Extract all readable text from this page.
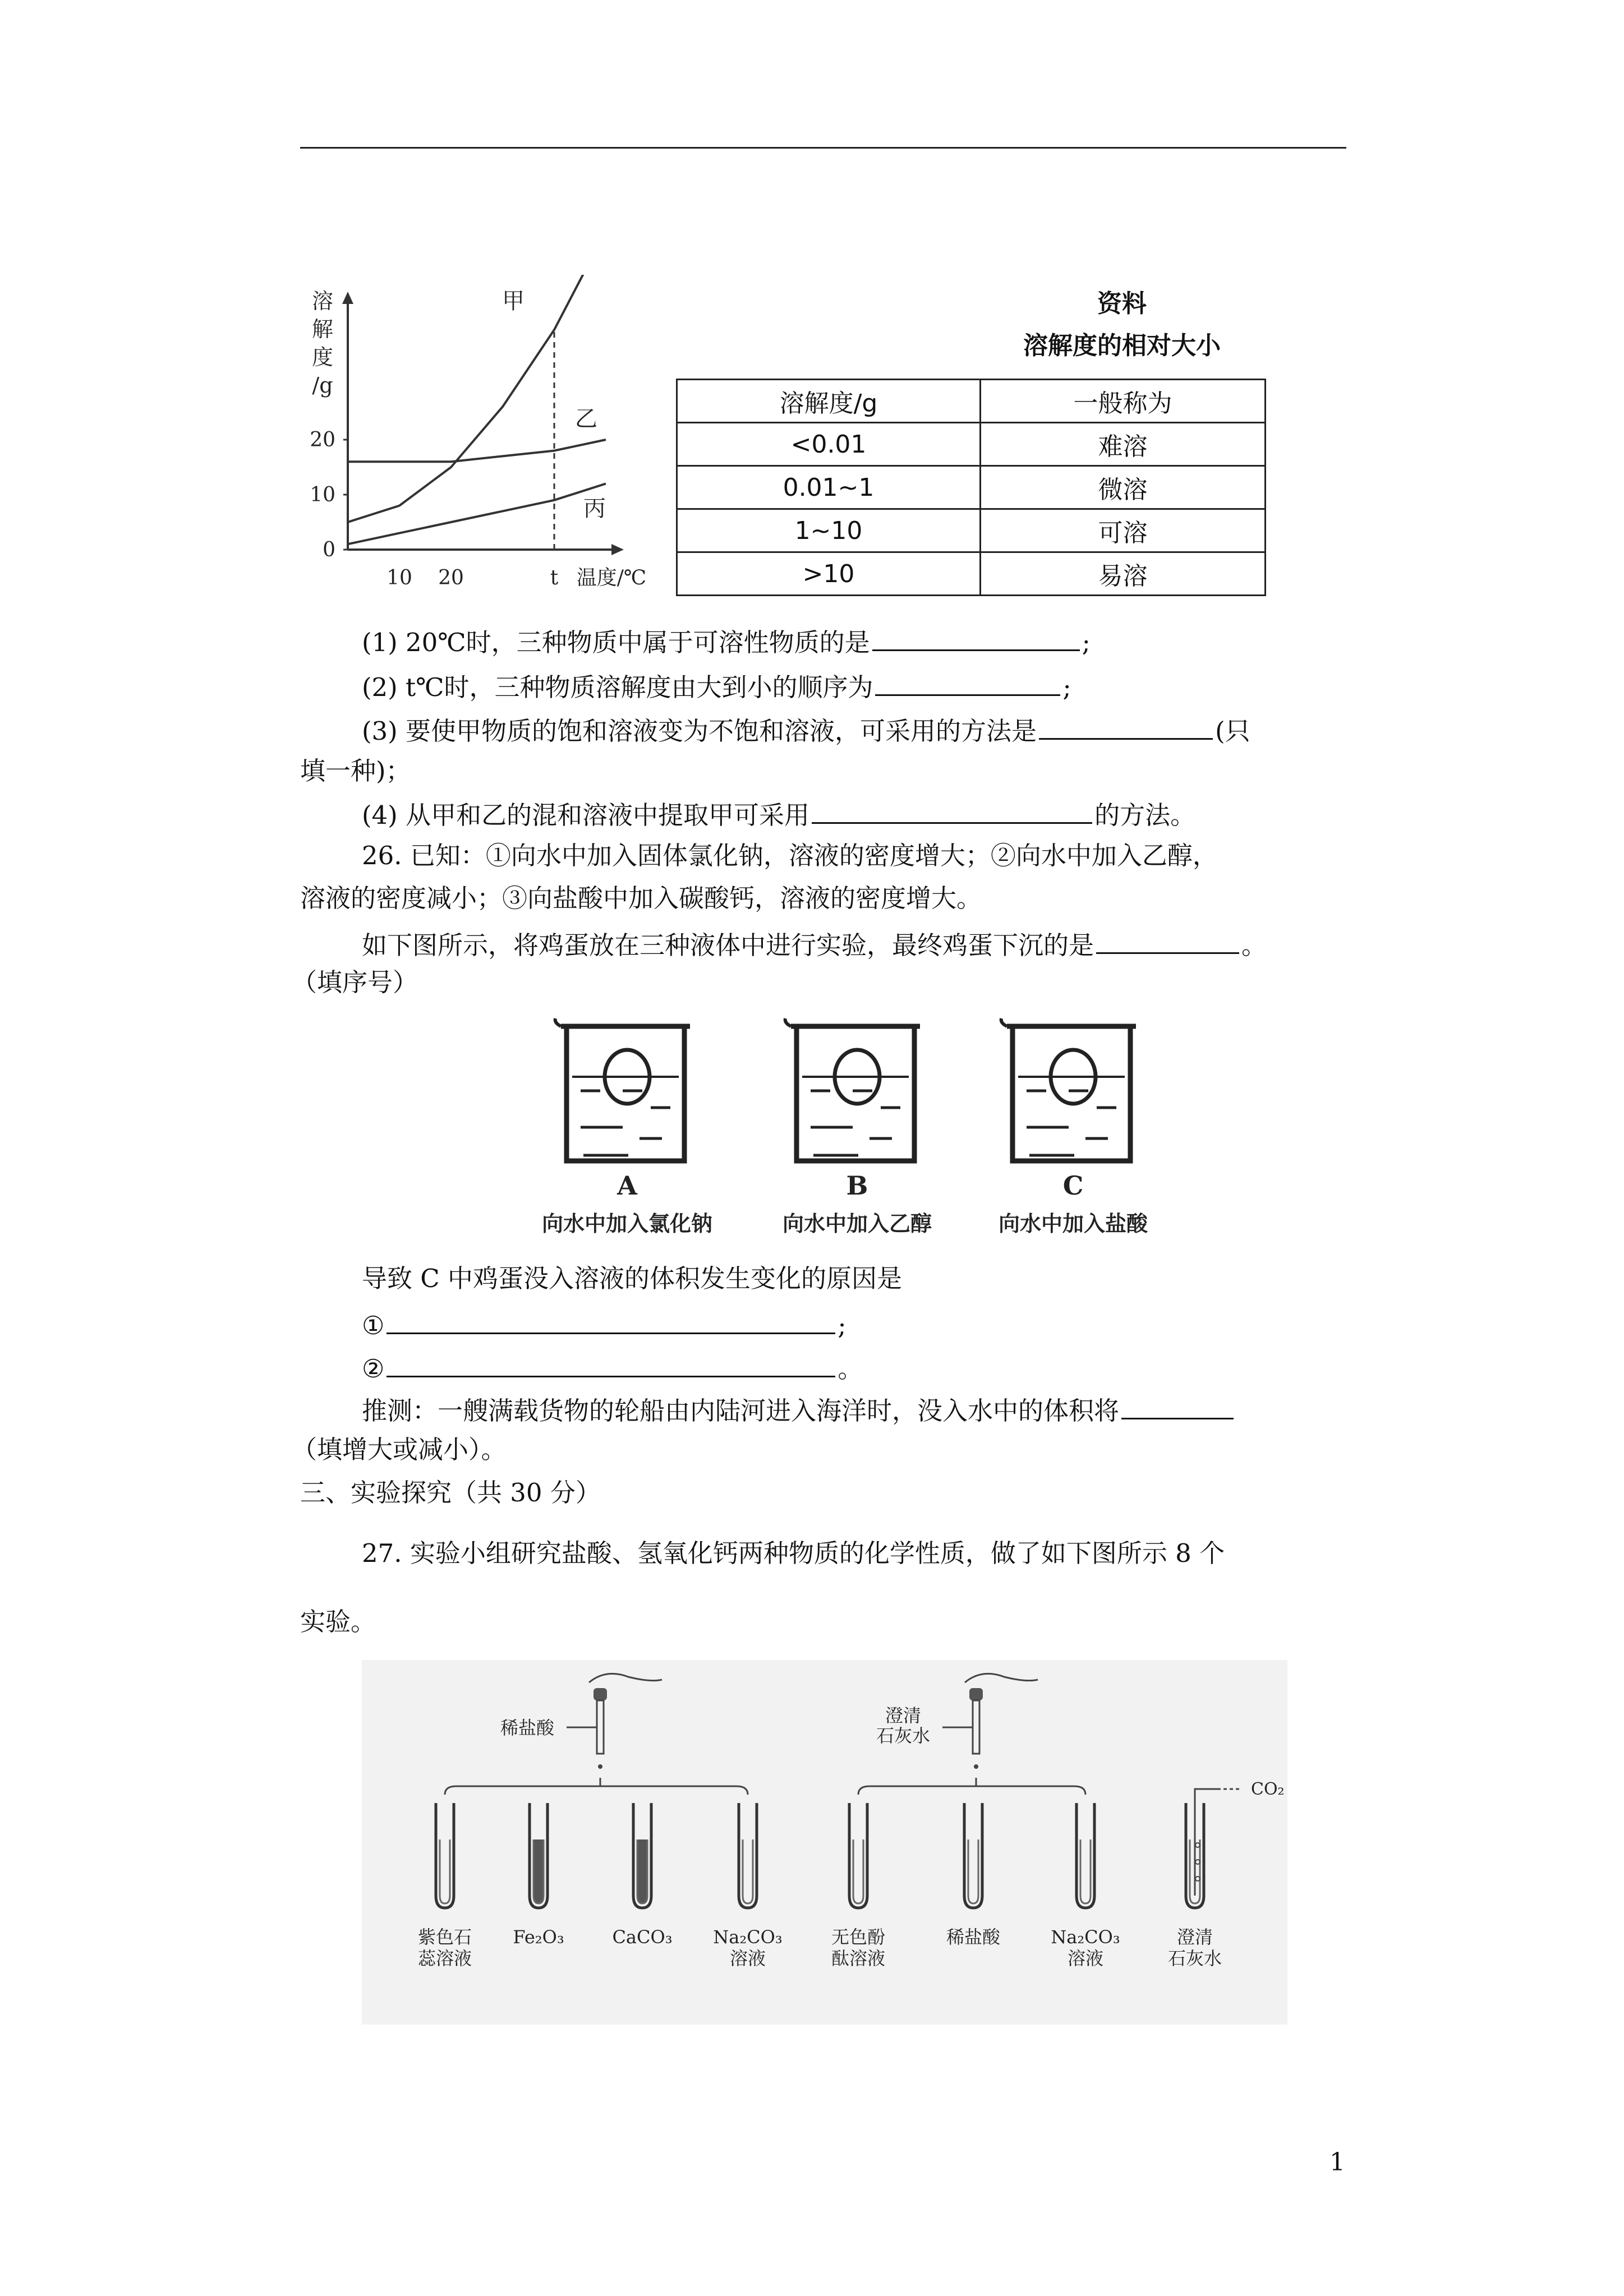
溶
解
度
/g
0
10
20
10 20	t 温度/℃
甲
乙
丙
资料
溶解度的相对大小
溶解度/g	一般称为
<0.01	难溶
0.01~1	微溶
1~10	可溶
>10	易溶
(1) 20℃时，三种物质中属于可溶性物质的是	;
(2) t℃时，三种物质溶解度由大到小的顺序为	;
(3) 要使甲物质的饱和溶液变为不饱和溶液，可采用的方法是	(只
填一种)；
(4) 从甲和乙的混和溶液中提取甲可采用	的方法。
26. 已知：①向水中加入固体氯化钠，溶液的密度增大；②向水中加入乙醇，
溶液的密度减小；③向盐酸中加入碳酸钙，溶液的密度增大。
如下图所示，将鸡蛋放在三种液体中进行实验，最终鸡蛋下沉的是	。
（填序号）
A
向水中加入氯化钠
B
向水中加入乙醇
C
向水中加入盐酸
导致 C 中鸡蛋没入溶液的体积发生变化的原因是
①	;
②	。
推测：一艘满载货物的轮船由内陆河进入海洋时，没入水中的体积将
（填增大或减小）。
三、实验探究（共 30 分）
27. 实验小组研究盐酸、氢氧化钙两种物质的化学性质，做了如下图所示 8 个
实验。
稀盐酸
澄清
石灰水
紫色石
蕊溶液
Fe₂O₃	CaCO₃ Na₂CO₃
溶液
无色酚
酞溶液
稀盐酸	Na₂CO₃
溶液
澄清
石灰水
CO₂
1
